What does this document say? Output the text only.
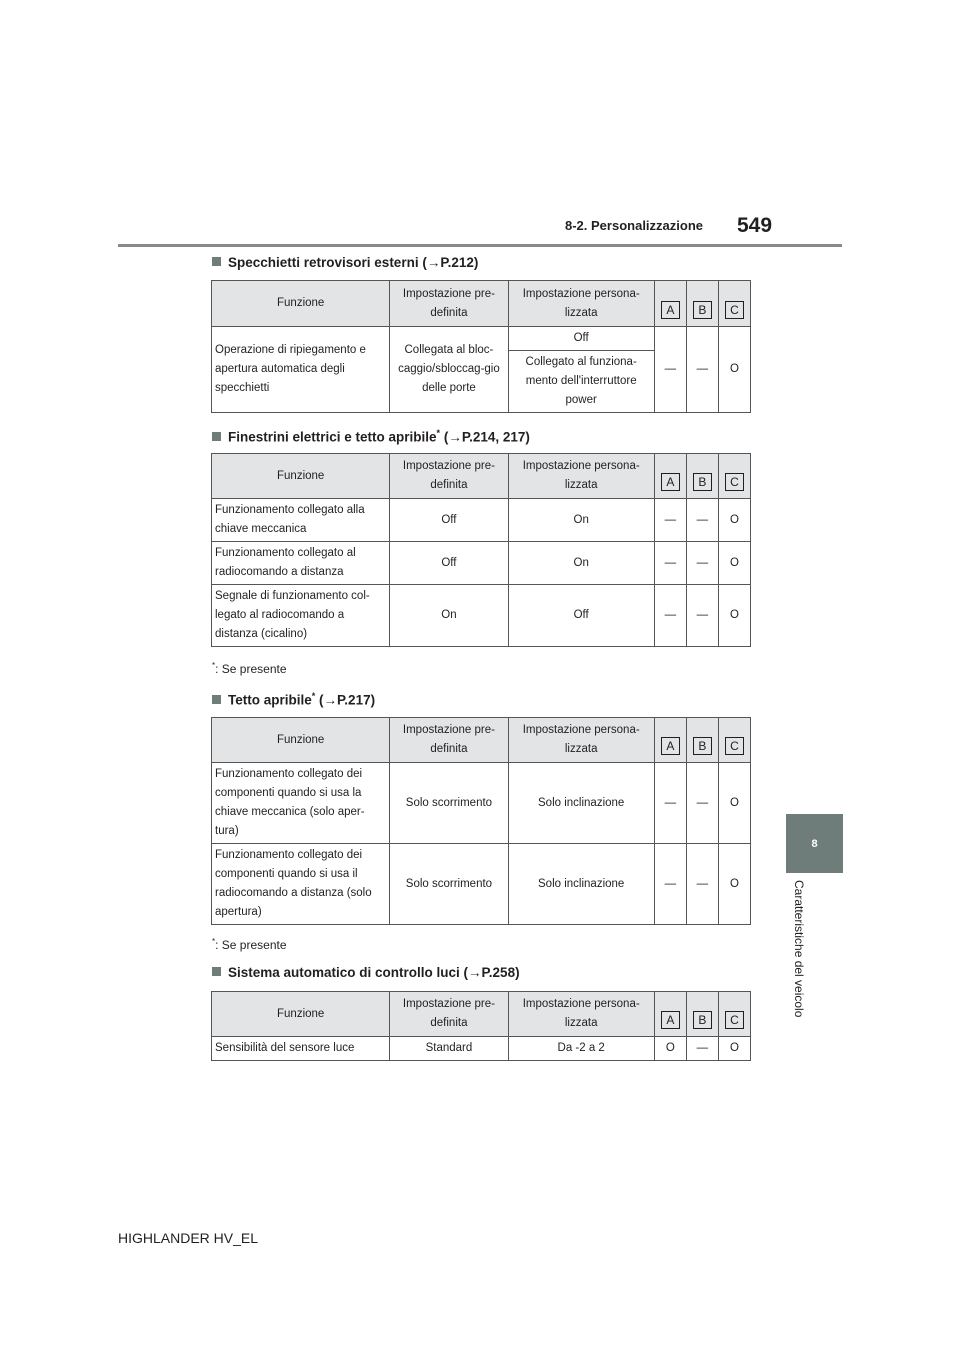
8-2. Personalizzazione 549
8
Caratteristiche del veicolo
Specchietti retrovisori esterni (→P.212)
Funzione	Impostazione pre-definita	Impostazione persona-lizzata	A	B	C
Operazione di ripiegamento e apertura automatica degli specchietti	Collegata al bloc-caggio/sbloccag-gio delle porte	Off	—	—	O
		Collegato al funziona-mento dell'interruttore power			
Finestrini elettrici e tetto apribile* (→P.214, 217)
Funzione	Impostazione pre-definita	Impostazione persona-lizzata	A	B	C
Funzionamento collegato alla chiave meccanica	Off	On	—	—	O
Funzionamento collegato al radiocomando a distanza	Off	On	—	—	O
Segnale di funzionamento col-legato al radiocomando a distanza (cicalino)	On	Off	—	—	O
*: Se presente
Tetto apribile* (→P.217)
Funzione	Impostazione pre-definita	Impostazione persona-lizzata	A	B	C
Funzionamento collegato dei componenti quando si usa la chiave meccanica (solo aper-tura)	Solo scorrimento	Solo inclinazione	—	—	O
Funzionamento collegato dei componenti quando si usa il radiocomando a distanza (solo apertura)	Solo scorrimento	Solo inclinazione	—	—	O
*: Se presente
Sistema automatico di controllo luci (→P.258)
Funzione	Impostazione pre-definita	Impostazione persona-lizzata	A	B	C
Sensibilità del sensore luce	Standard	Da -2 a 2	O	—	O
HIGHLANDER HV_EL
